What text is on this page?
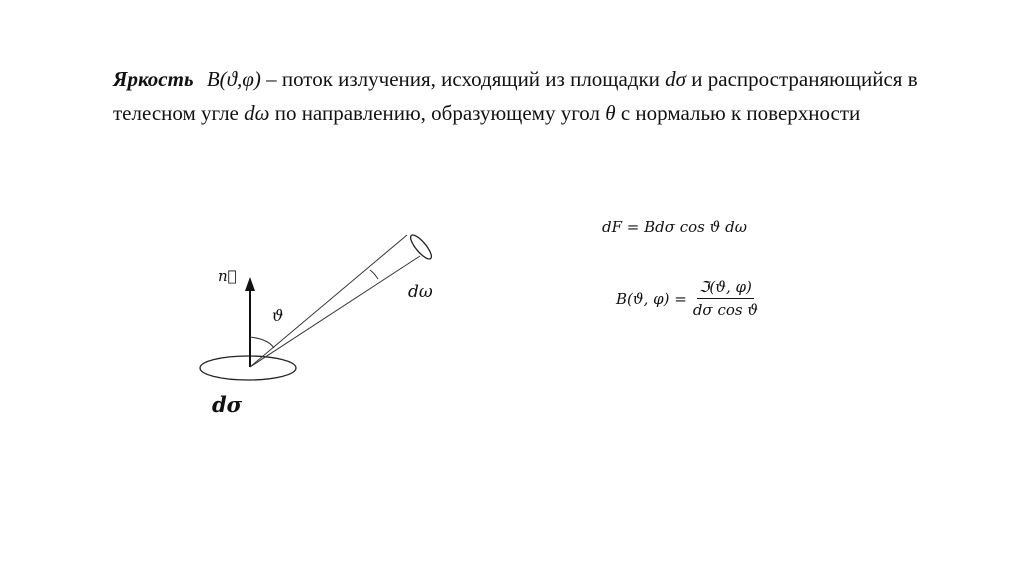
Яркость B(ϑ,φ) – поток излучения, исходящий из площадки dσ и распространяющийся в телесном угле dω по направлению, образующему угол θ с нормалью к поверхности
n⃗
ϑ
dω
dσ
dF = Bdσ cos ϑ dω
B(ϑ, $\varphi) = \frac{\text{ℑ(ϑ, φ)}}{\text{dσ cos ϑ}}$
